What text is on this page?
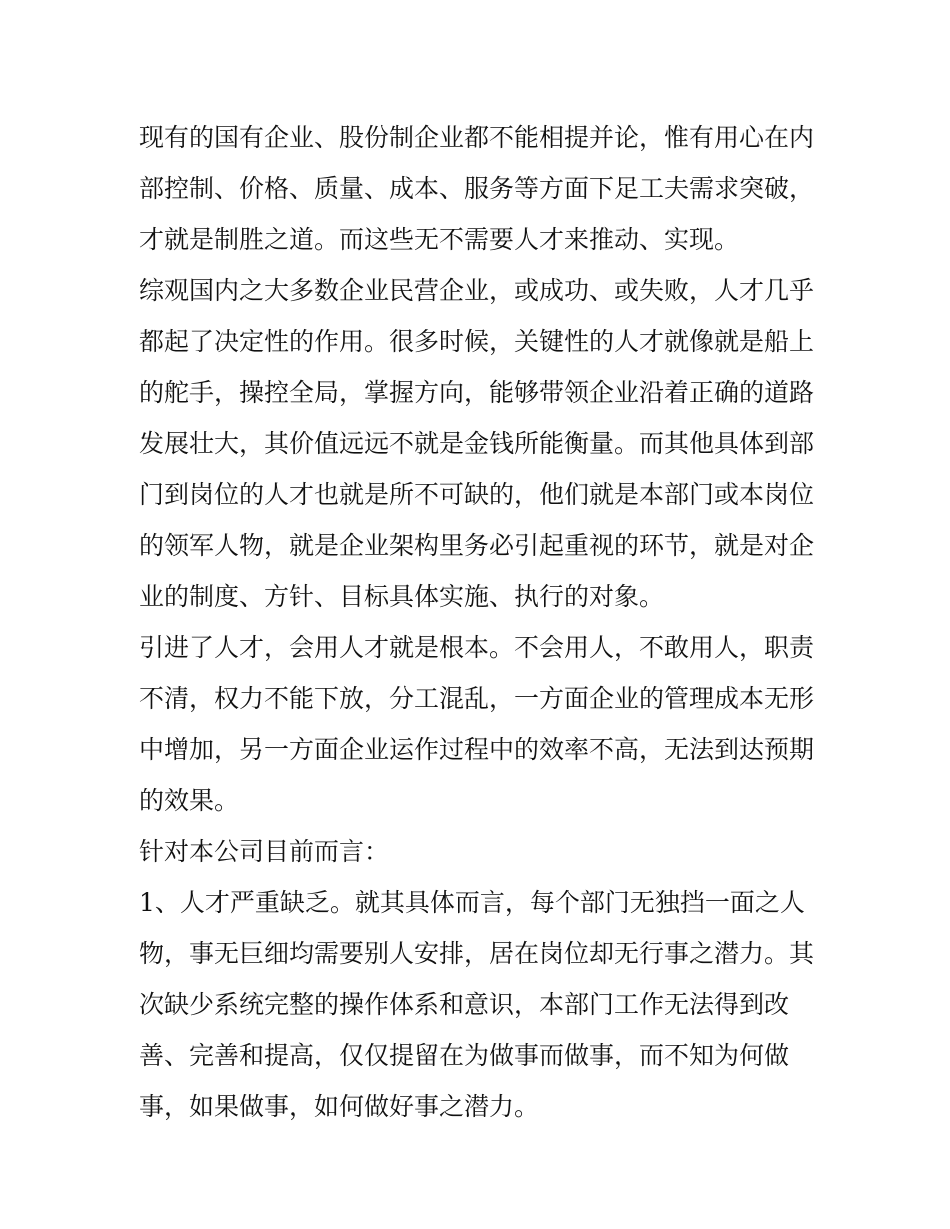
现有的国有企业、股份制企业都不能相提并论，惟有用心在内
部控制、价格、质量、成本、服务等方面下足工夫需求突破，
才就是制胜之道。而这些无不需要人才来推动、实现。
综观国内之大多数企业民营企业，或成功、或失败，人才几乎
都起了决定性的作用。很多时候，关键性的人才就像就是船上
的舵手，操控全局，掌握方向，能够带领企业沿着正确的道路
发展壮大，其价值远远不就是金钱所能衡量。而其他具体到部
门到岗位的人才也就是所不可缺的，他们就是本部门或本岗位
的领军人物，就是企业架构里务必引起重视的环节，就是对企
业的制度、方针、目标具体实施、执行的对象。
引进了人才，会用人才就是根本。不会用人，不敢用人，职责
不清，权力不能下放，分工混乱，一方面企业的管理成本无形
中增加，另一方面企业运作过程中的效率不高，无法到达预期
的效果。
针对本公司目前而言：
1、人才严重缺乏。就其具体而言，每个部门无独挡一面之人
物，事无巨细均需要别人安排，居在岗位却无行事之潜力。其
次缺少系统完整的操作体系和意识，本部门工作无法得到改
善、完善和提高，仅仅提留在为做事而做事，而不知为何做
事，如果做事，如何做好事之潜力。
